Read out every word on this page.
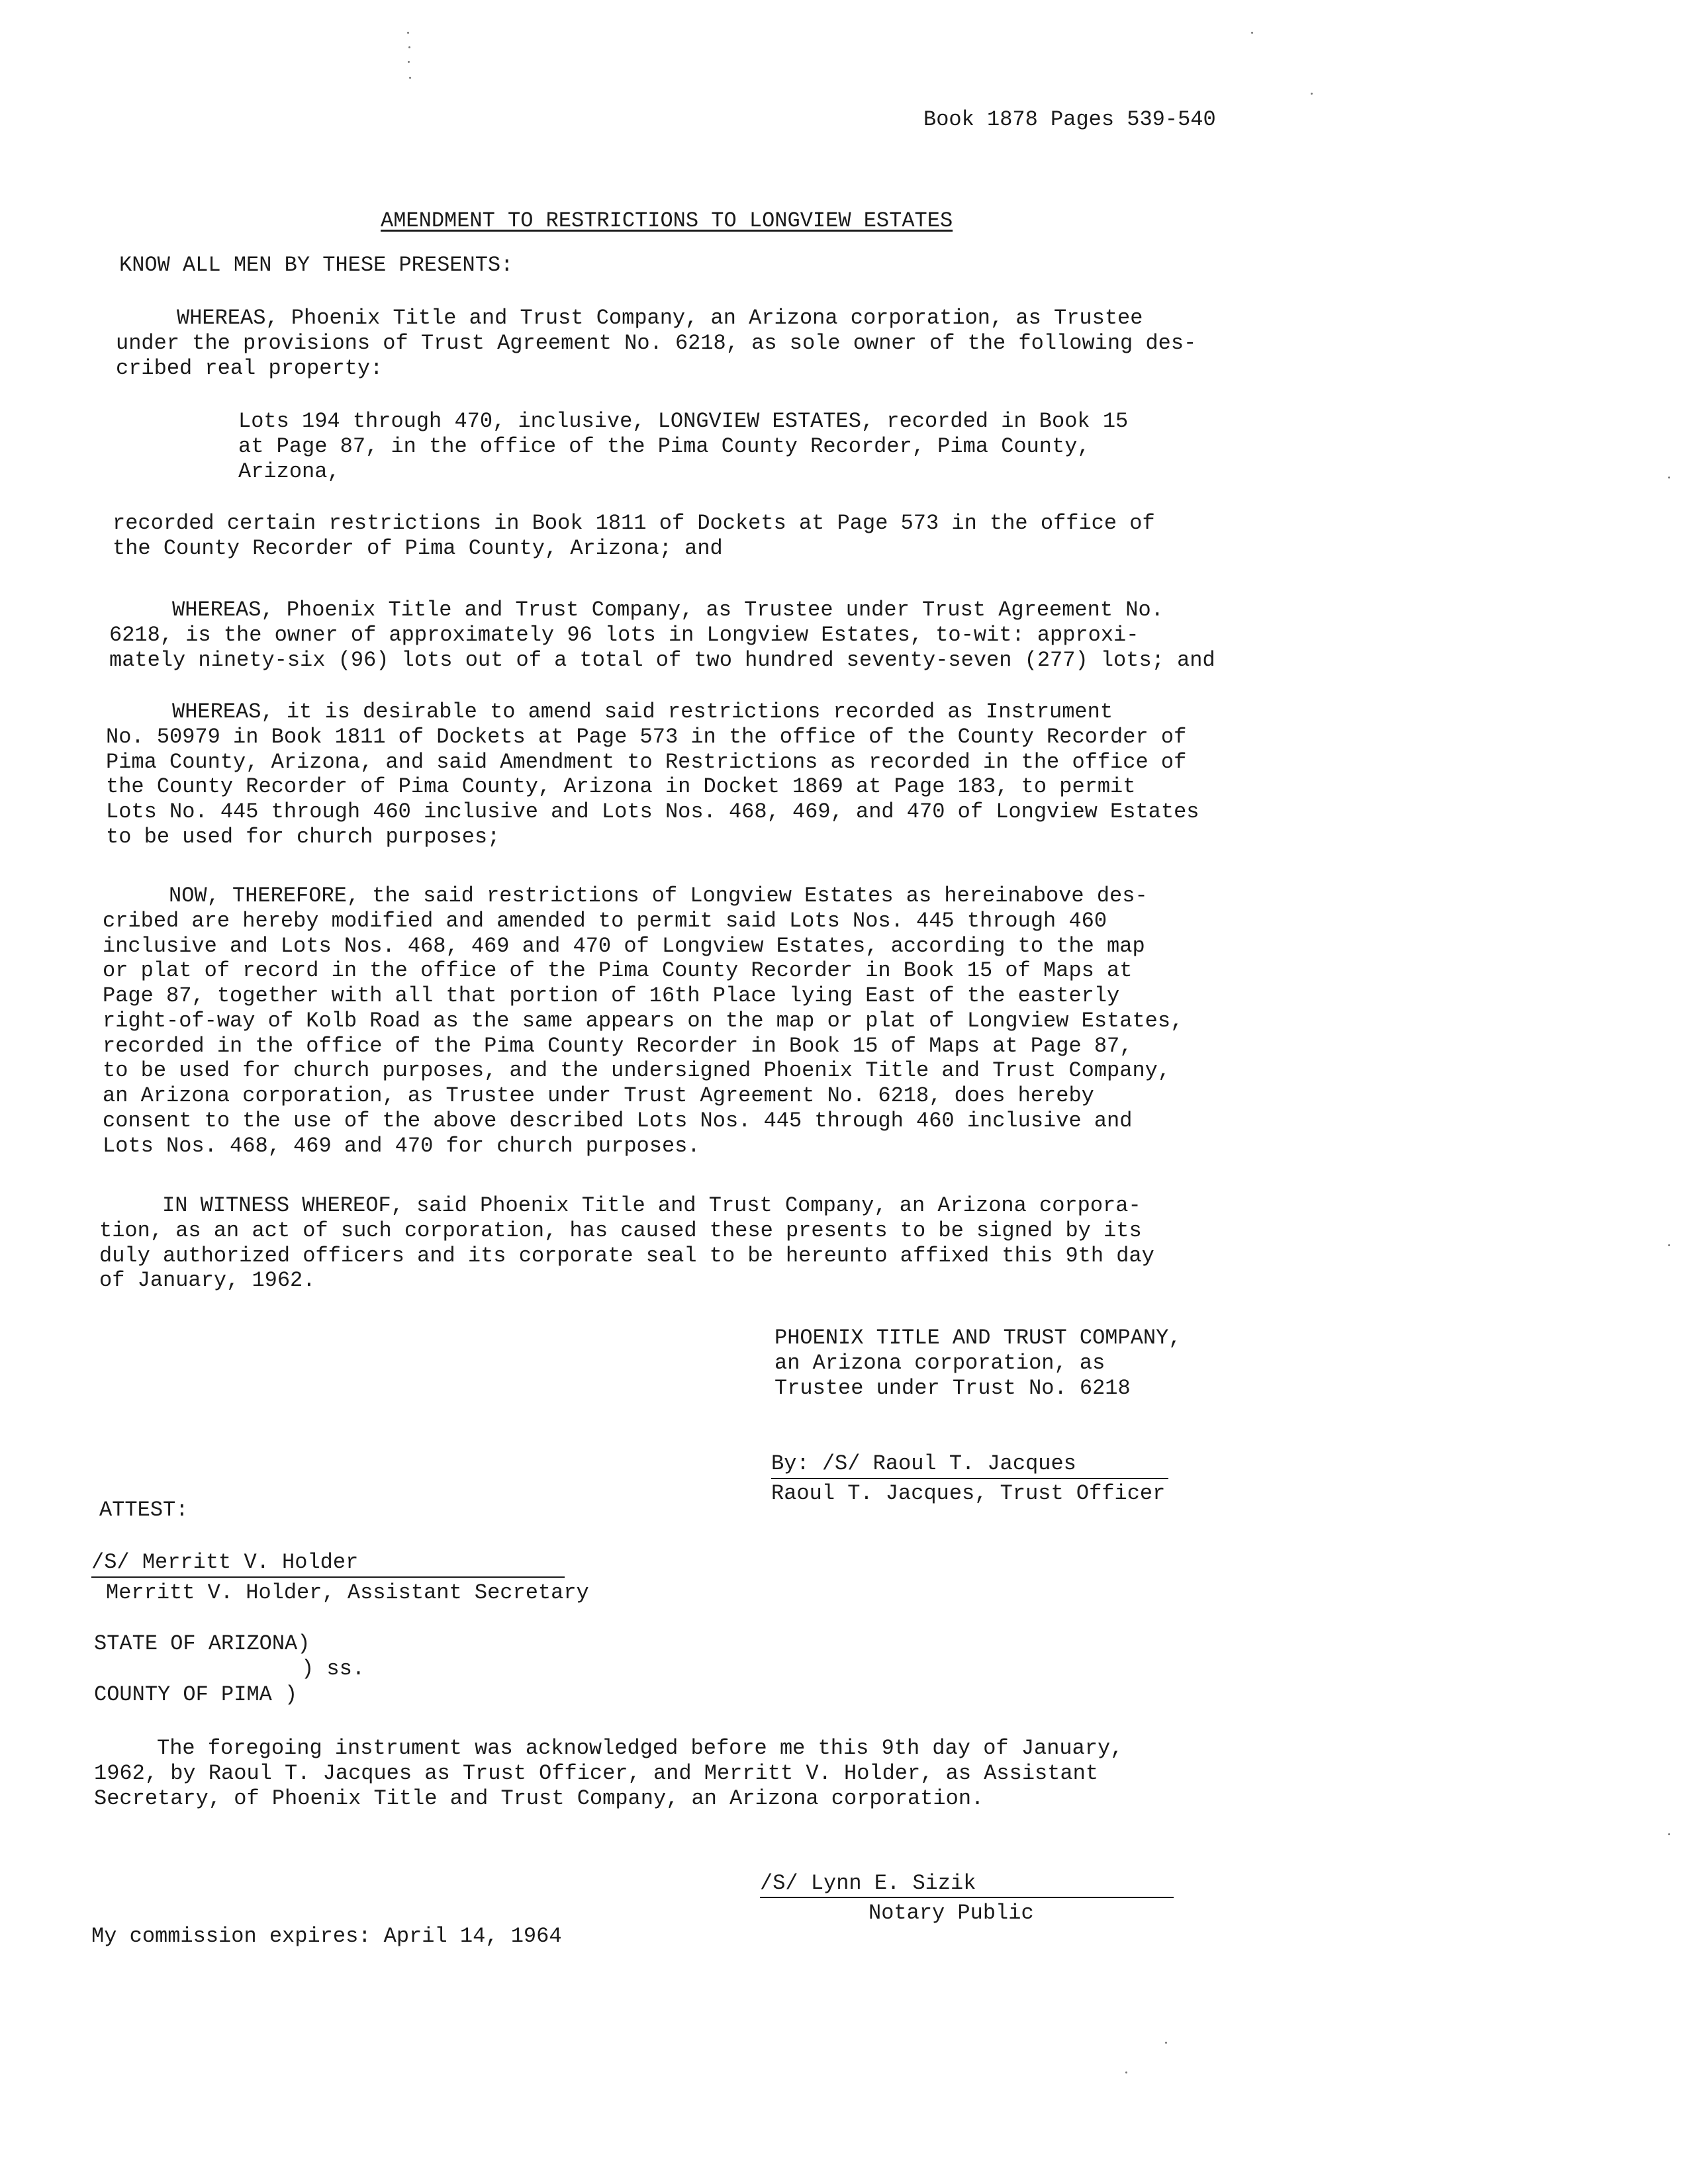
Book 1878 Pages 539-540
AMENDMENT TO RESTRICTIONS TO LONGVIEW ESTATES
KNOW ALL MEN BY THESE PRESENTS:
WHEREAS, Phoenix Title and Trust Company, an Arizona corporation, as Trustee
under the provisions of Trust Agreement No. 6218, as sole owner of the following des-
cribed real property:
Lots 194 through 470, inclusive, LONGVIEW ESTATES, recorded in Book 15
at Page 87, in the office of the Pima County Recorder, Pima County,
Arizona,
recorded certain restrictions in Book 1811 of Dockets at Page 573 in the office of
the County Recorder of Pima County, Arizona; and
WHEREAS, Phoenix Title and Trust Company, as Trustee under Trust Agreement No.
6218, is the owner of approximately 96 lots in Longview Estates, to-wit: approxi-
mately ninety-six (96) lots out of a total of two hundred seventy-seven (277) lots; and
WHEREAS, it is desirable to amend said restrictions recorded as Instrument
No. 50979 in Book 1811 of Dockets at Page 573 in the office of the County Recorder of
Pima County, Arizona, and said Amendment to Restrictions as recorded in the office of
the County Recorder of Pima County, Arizona in Docket 1869 at Page 183, to permit
Lots No. 445 through 460 inclusive and Lots Nos. 468, 469, and 470 of Longview Estates
to be used for church purposes;
NOW, THEREFORE, the said restrictions of Longview Estates as hereinabove des-
cribed are hereby modified and amended to permit said Lots Nos. 445 through 460
inclusive and Lots Nos. 468, 469 and 470 of Longview Estates, according to the map
or plat of record in the office of the Pima County Recorder in Book 15 of Maps at
Page 87, together with all that portion of 16th Place lying East of the easterly
right-of-way of Kolb Road as the same appears on the map or plat of Longview Estates,
recorded in the office of the Pima County Recorder in Book 15 of Maps at Page 87,
to be used for church purposes, and the undersigned Phoenix Title and Trust Company,
an Arizona corporation, as Trustee under Trust Agreement No. 6218, does hereby
consent to the use of the above described Lots Nos. 445 through 460 inclusive and
Lots Nos. 468, 469 and 470 for church purposes.
IN WITNESS WHEREOF, said Phoenix Title and Trust Company, an Arizona corpora-
tion, as an act of such corporation, has caused these presents to be signed by its
duly authorized officers and its corporate seal to be hereunto affixed this 9th day
of January, 1962.
PHOENIX TITLE AND TRUST COMPANY,
an Arizona corporation, as
Trustee under Trust No. 6218
By: /S/ Raoul T. Jacques
Raoul T. Jacques, Trust Officer
ATTEST:
/S/ Merritt V. Holder
Merritt V. Holder, Assistant Secretary
STATE OF ARIZONA)
) ss.
COUNTY OF PIMA )
The foregoing instrument was acknowledged before me this 9th day of January,
1962, by Raoul T. Jacques as Trust Officer, and Merritt V. Holder, as Assistant
Secretary, of Phoenix Title and Trust Company, an Arizona corporation.
/S/ Lynn E. Sizik
Notary Public
My commission expires: April 14, 1964
